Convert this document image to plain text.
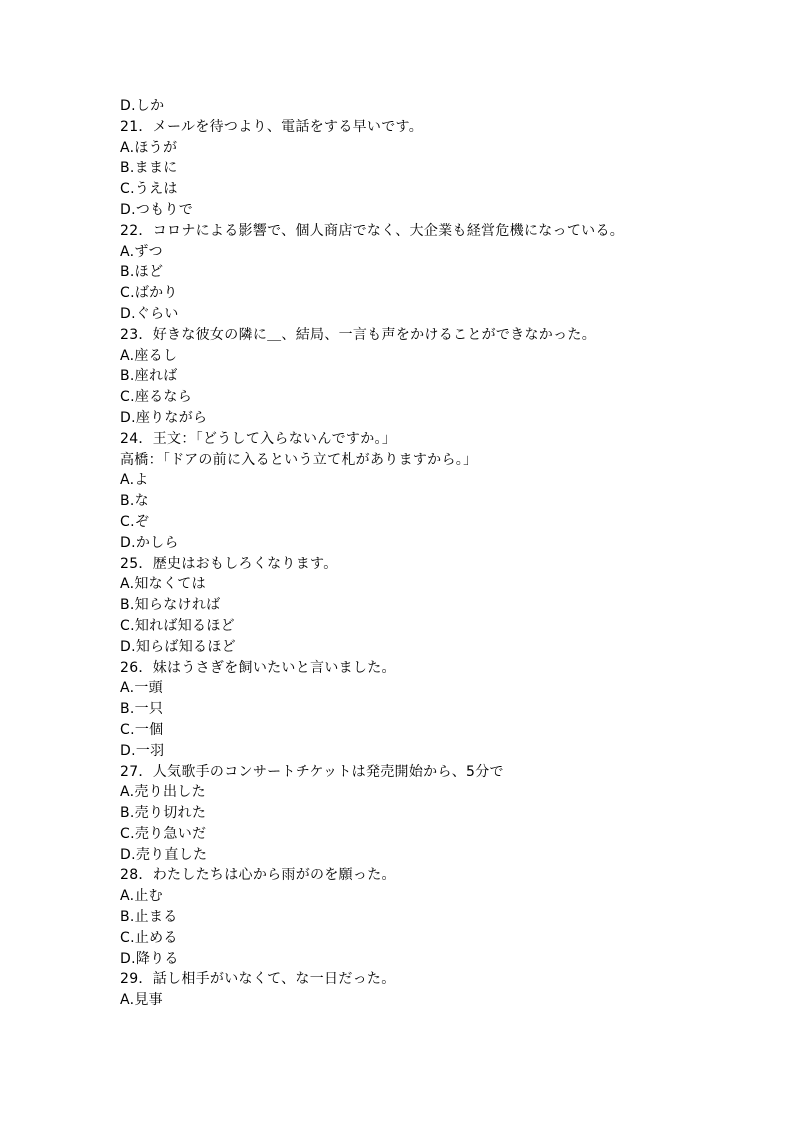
D.しか
21．メールを待つより、電話をする早いです。
A.ほうが
B.ままに
C.うえは
D.つもりで
22．コロナによる影響で、個人商店でなく、大企業も経営危機になっている。
A.ずつ
B.ほど
C.ばかり
D.ぐらい
23．好きな彼女の隣に＿、結局、一言も声をかけることができなかった。
A.座るし
B.座れば
C.座るなら
D.座りながら
24．王文：「どうして入らないんですか。」
高橋：「ドアの前に入るという立て札がありますから。」
A.よ
B.な
C.ぞ
D.かしら
25．歴史はおもしろくなります。
A.知なくては
B.知らなければ
C.知れば知るほど
D.知らば知るほど
26．妹はうさぎを飼いたいと言いました。
A.一頭
B.一只
C.一個
D.一羽
27．人気歌手のコンサートチケットは発売開始から、5分で
A.売り出した
B.売り切れた
C.売り急いだ
D.売り直した
28．わたしたちは心から雨がのを願った。
A.止む
B.止まる
C.止める
D.降りる
29．話し相手がいなくて、な一日だった。
A.見事
